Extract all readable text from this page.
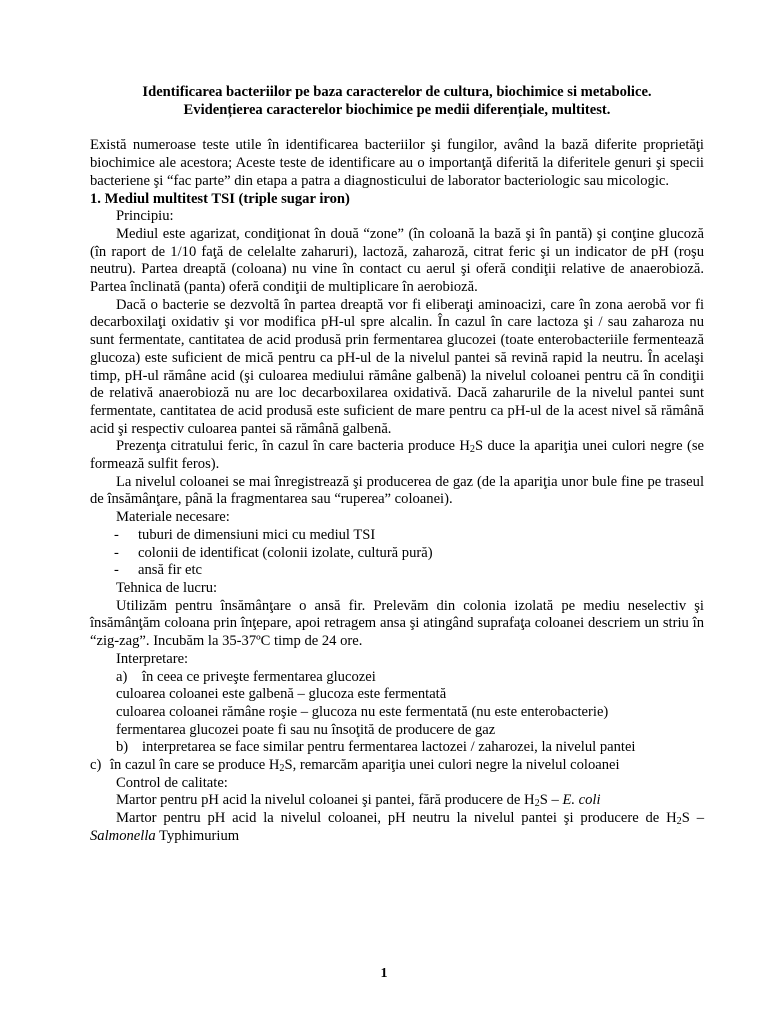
Identificarea bacteriilor pe baza caracterelor de cultura, biochimice si metabolice.

Evidențierea caracterelor biochimice pe medii diferențiale, multitest.

Există numeroase teste utile în identificarea bacteriilor şi fungilor, având la bază diferite proprietăţi biochimice ale acestora; Aceste teste de identificare au o importanţă diferită la diferitele genuri şi specii bacteriene şi “fac parte” din etapa a patra a diagnosticului de laborator bacteriologic sau micologic.

1. Mediul multitest TSI (triple sugar iron)

Principiu:

Mediul este agarizat, condiţionat în două “zone” (în coloană la bază şi în pantă) şi conţine glucoză (în raport de 1/10 faţă de celelalte zaharuri), lactoză, zaharoză, citrat feric şi un indicator de pH (roşu neutru). Partea dreaptă (coloana) nu vine în contact cu aerul şi oferă condiţii relative de anaerobioză. Partea înclinată (panta) oferă condiţii de multiplicare în aerobioză.

Dacă o bacterie se dezvoltă în partea dreaptă vor fi eliberaţi aminoacizi, care în zona aerobă vor fi decarboxilaţi oxidativ şi vor modifica pH-ul spre alcalin. În cazul în care lactoza şi / sau zaharoza nu sunt fermentate, cantitatea de acid produsă prin fermentarea glucozei (toate enterobacteriile fermentează glucoza) este suficient de mică pentru ca pH-ul de la nivelul pantei să revină rapid la neutru. În acelaşi timp, pH-ul rămâne acid (şi culoarea mediului rămâne galbenă) la nivelul coloanei pentru că în condiţii de relativă anaerobioză nu are loc decarboxilarea oxidativă. Dacă zaharurile de la nivelul pantei sunt fermentate, cantitatea de acid produsă este suficient de mare pentru ca pH-ul de la acest nivel să rămână acid şi respectiv culoarea pantei să rămână galbenă.

Prezenţa citratului feric, în cazul în care bacteria produce $H_2S$ duce la apariţia unei culori negre (se formează sulfit feros).

La nivelul coloanei se mai înregistrează şi producerea de gaz (de la apariţia unor bule fine pe traseul de însămânţare, până la fragmentarea sau “ruperea” coloanei).

Materiale necesare:

- tuburi de dimensiuni mici cu mediul TSI
- colonii de identificat (colonii izolate, cultură pură)
- ansă fir etc

Tehnica de lucru:

Utilizăm pentru însămânţare o ansă fir. Prelevăm din colonia izolată pe mediu neselectiv şi însămânţăm coloana prin înţepare, apoi retragem ansa şi atingând suprafaţa coloanei descriem un striu în “zig-zag”. Incubăm la 35-37ºC timp de 24 ore.

Interpretare:

a) în ceea ce priveşte fermentarea glucozei

culoarea coloanei este galbenă – glucoza este fermentată

culoarea coloanei rămâne roşie – glucoza nu este fermentată (nu este enterobacterie)

fermentarea glucozei poate fi sau nu însoţită de producere de gaz

b) interpretarea se face similar pentru fermentarea lactozei / zaharozei, la nivelul pantei
c) în cazul în care se produce $H_2S$, remarcăm apariţia unei culori negre la nivelul coloanei

Control de calitate:

Martor pentru pH acid la nivelul coloanei şi pantei, fără producere de $H_2S$ – E. coli

Martor pentru pH acid la nivelul coloanei, pH neutru la nivelul pantei şi producere de $H_2S$ – Salmonella Typhimurium

1
